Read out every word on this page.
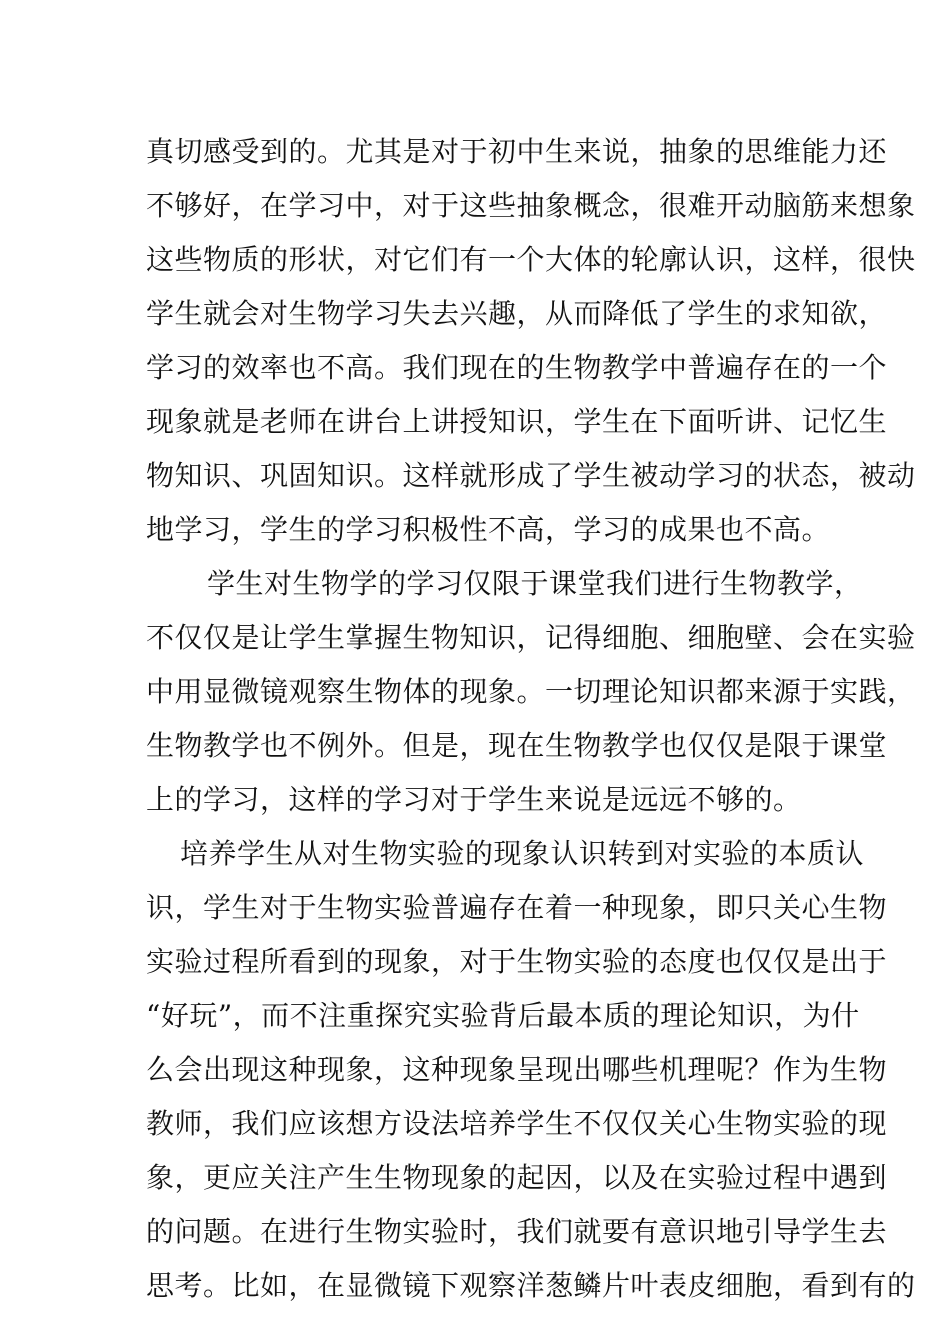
真切感受到的。尤其是对于初中生来说，抽象的思维能力还
不够好，在学习中，对于这些抽象概念，很难开动脑筋来想象
这些物质的形状，对它们有一个大体的轮廓认识，这样，很快
学生就会对生物学习失去兴趣，从而降低了学生的求知欲，
学习的效率也不高。我们现在的生物教学中普遍存在的一个
现象就是老师在讲台上讲授知识，学生在下面听讲、记忆生
物知识、巩固知识。这样就形成了学生被动学习的状态，被动
地学习，学生的学习积极性不高，学习的成果也不高。
学生对生物学的学习仅限于课堂我们进行生物教学，
不仅仅是让学生掌握生物知识，记得细胞、细胞壁、会在实验
中用显微镜观察生物体的现象。一切理论知识都来源于实践，
生物教学也不例外。但是，现在生物教学也仅仅是限于课堂
上的学习，这样的学习对于学生来说是远远不够的。
培养学生从对生物实验的现象认识转到对实验的本质认
识，学生对于生物实验普遍存在着一种现象，即只关心生物
实验过程所看到的现象，对于生物实验的态度也仅仅是出于
“好玩”，而不注重探究实验背后最本质的理论知识，为什
么会出现这种现象，这种现象呈现出哪些机理呢？作为生物
教师，我们应该想方设法培养学生不仅仅关心生物实验的现
象，更应关注产生生物现象的起因，以及在实验过程中遇到
的问题。在进行生物实验时，我们就要有意识地引导学生去
思考。比如，在显微镜下观察洋葱鳞片叶表皮细胞，看到有的
